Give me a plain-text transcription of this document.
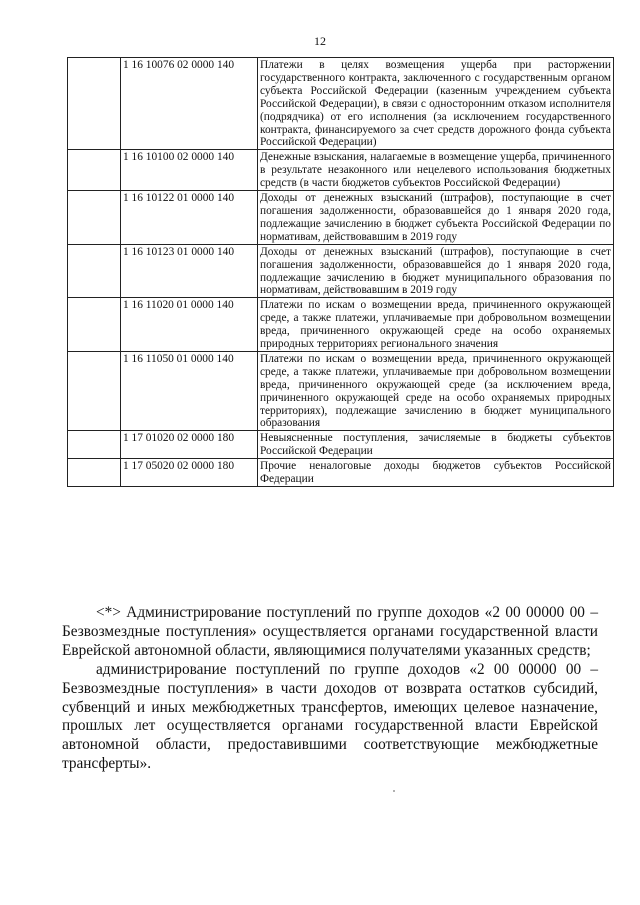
12
	1 16 10076 02 0000 140	Платежи в целях возмещения ущерба при расторжении государственного контракта, заключенного с государственным органом субъекта Российской Федерации (казенным учреждением субъекта Российской Федерации), в связи с односторонним отказом исполнителя (подрядчика) от его исполнения (за исключением государственного контракта, финансируемого за счет средств дорожного фонда субъекта Российской Федерации)
	1 16 10100 02 0000 140	Денежные взыскания, налагаемые в возмещение ущерба, причиненного в результате незаконного или нецелевого использования бюджетных средств (в части бюджетов субъектов Российской Федерации)
	1 16 10122 01 0000 140	Доходы от денежных взысканий (штрафов), поступающие в счет погашения задолженности, образовавшейся до 1 января 2020 года, подлежащие зачислению в бюджет субъекта Российской Федерации по нормативам, действовавшим в 2019 году
	1 16 10123 01 0000 140	Доходы от денежных взысканий (штрафов), поступающие в счет погашения задолженности, образовавшейся до 1 января 2020 года, подлежащие зачислению в бюджет муниципального образования по нормативам, действовавшим в 2019 году
	1 16 11020 01 0000 140	Платежи по искам о возмещении вреда, причиненного окружающей среде, а также платежи, уплачиваемые при добровольном возмещении вреда, причиненного окружающей среде на особо охраняемых природных территориях регионального значения
	1 16 11050 01 0000 140	Платежи по искам о возмещении вреда, причиненного окружающей среде, а также платежи, уплачиваемые при добровольном возмещении вреда, причиненного окружающей среде (за исключением вреда, причиненного окружающей среде на особо охраняемых природных территориях), подлежащие зачислению в бюджет муниципального образования
	1 17 01020 02 0000 180	Невыясненные поступления, зачисляемые в бюджеты субъектов Российской Федерации
	1 17 05020 02 0000 180	Прочие неналоговые доходы бюджетов субъектов Российской Федерации

<*> Администрирование поступлений по группе доходов «2 00 00000 00 – Безвозмездные поступления» осуществляется органами государственной власти Еврейской автономной области, являющимися получателями указанных средств;

администрирование поступлений по группе доходов «2 00 00000 00 – Безвозмездные поступления» в части доходов от возврата остатков субсидий, субвенций и иных межбюджетных трансфертов, имеющих целевое назначение, прошлых лет осуществляется органами государственной власти Еврейской автономной области, предоставившими соответствующие межбюджетные трансферты».
